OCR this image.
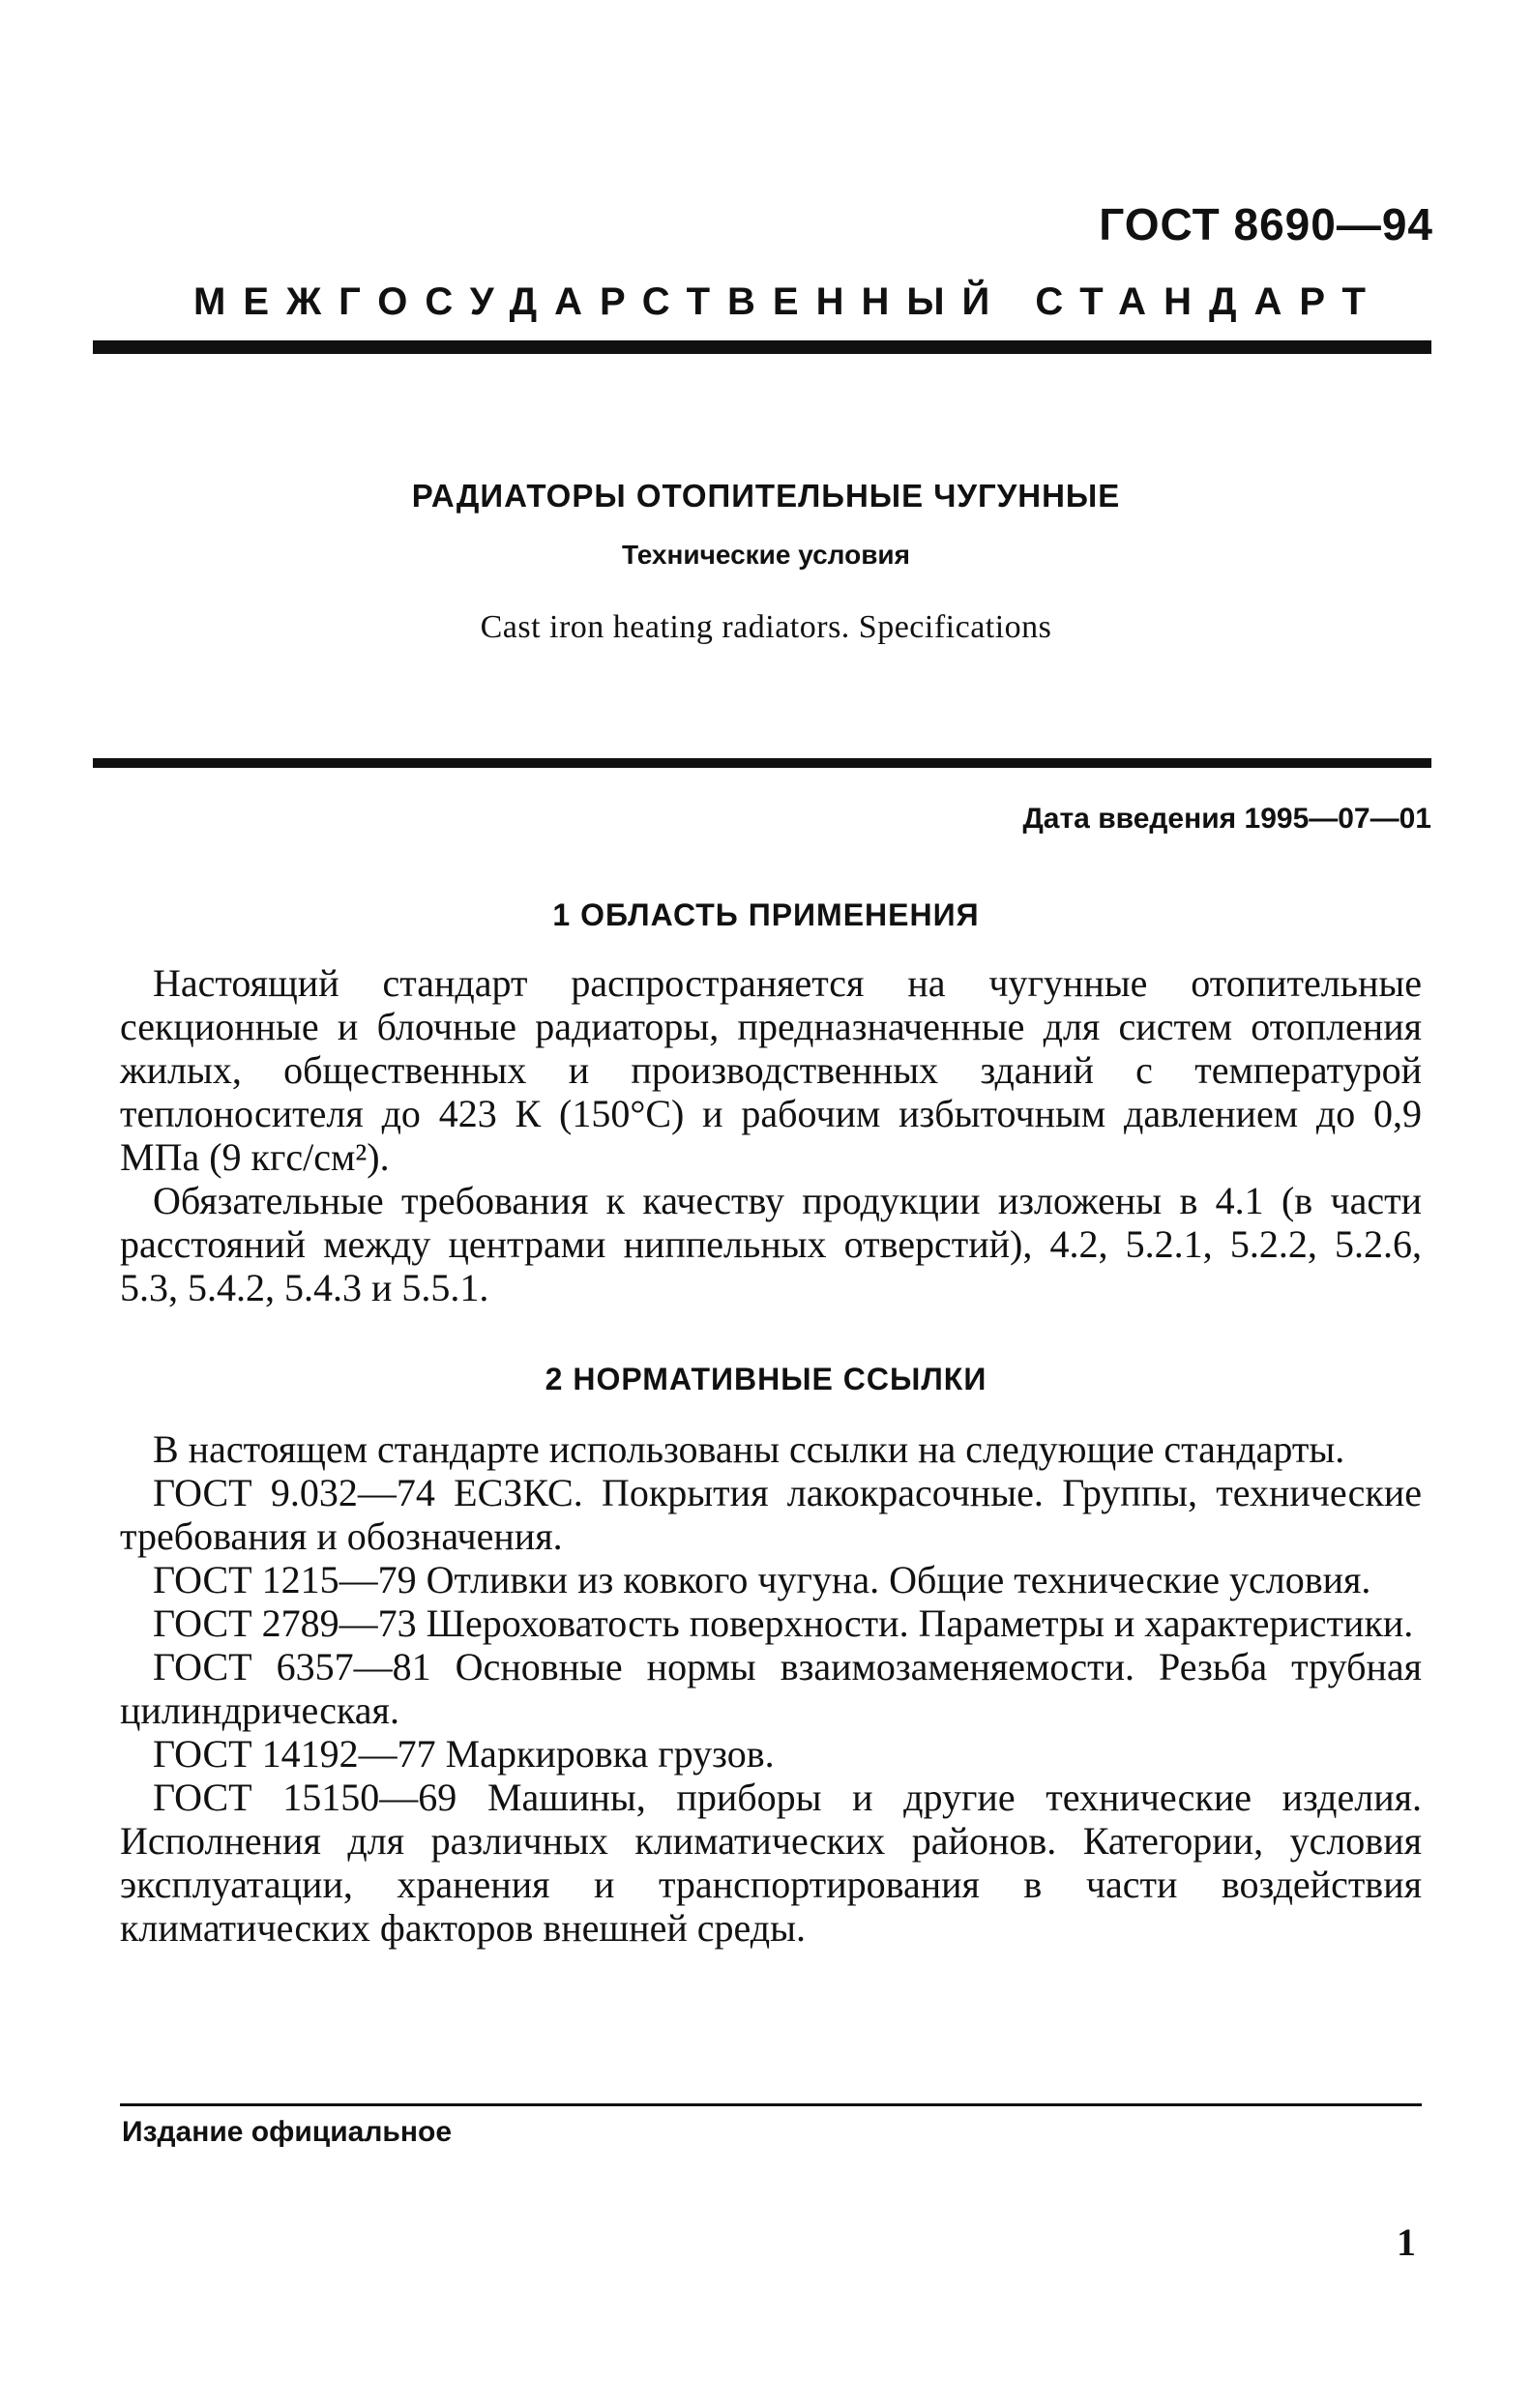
ГОСТ 8690—94
МЕЖГОСУДАРСТВЕННЫЙ СТАНДАРТ
РАДИАТОРЫ ОТОПИТЕЛЬНЫЕ ЧУГУННЫЕ
Технические условия
Cast iron heating radiators. Specifications
Дата введения 1995—07—01
1 ОБЛАСТЬ ПРИМЕНЕНИЯ

Настоящий стандарт распространяется на чугунные отопительные секционные и блочные радиаторы, предназначенные для систем отопления жилых, общественных и производственных зданий с температурой теплоносителя до 423 К (150°С) и рабочим избыточным давлением до 0,9 МПа (9 кгс/см²).

Обязательные требования к качеству продукции изложены в 4.1 (в части расстояний между центрами ниппельных отверстий), 4.2, 5.2.1, 5.2.2, 5.2.6, 5.3, 5.4.2, 5.4.3 и 5.5.1.

2 НОРМАТИВНЫЕ ССЫЛКИ

В настоящем стандарте использованы ссылки на следующие стандарты.

ГОСТ 9.032—74 ЕСЗКС. Покрытия лакокрасочные. Группы, технические требования и обозначения.

ГОСТ 1215—79 Отливки из ковкого чугуна. Общие технические условия.

ГОСТ 2789—73 Шероховатость поверхности. Параметры и характеристики.

ГОСТ 6357—81 Основные нормы взаимозаменяемости. Резьба трубная цилиндрическая.

ГОСТ 14192—77 Маркировка грузов.

ГОСТ 15150—69 Машины, приборы и другие технические изделия. Исполнения для различных климатических районов. Категории, условия эксплуатации, хранения и транспортирования в части воздействия климатических факторов внешней среды.

Издание официальное
1
